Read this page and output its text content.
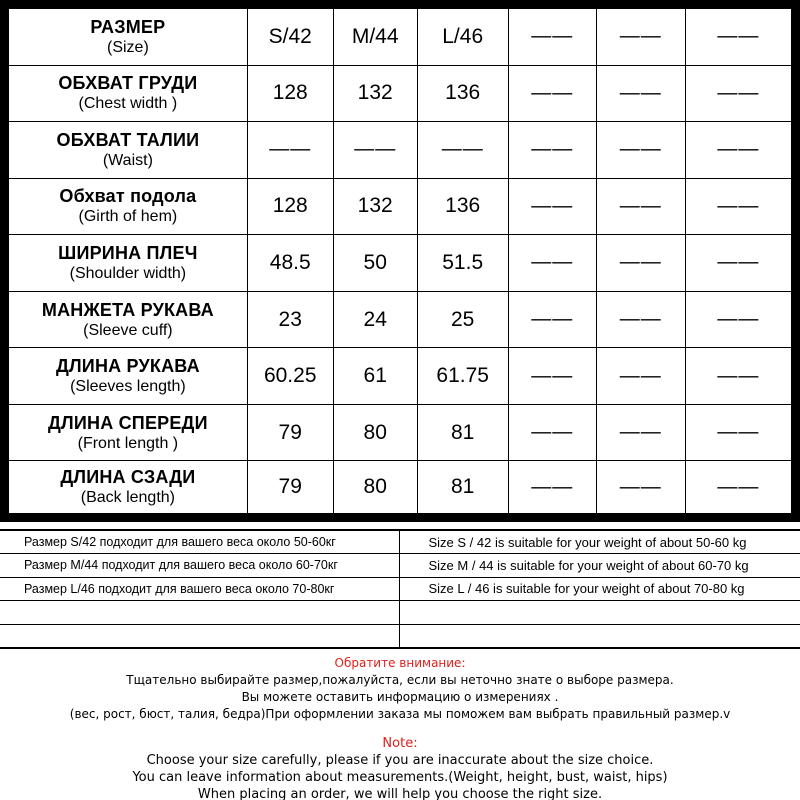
РАЗМЕР
(Size)	S/42	M/44	L/46	——	——	——

ОБХВАТ ГРУДИ
(Chest width )	128	132	136	——	——	——

ОБХВАТ ТАЛИИ
(Waist)	——	——	——	——	——	——

Обхват подола
(Girth of hem)	128	132	136	——	——	——

ШИРИНА ПЛЕЧ
(Shoulder width)	48.5	50	51.5	——	——	——

МАНЖЕТА РУКАВА
(Sleeve cuff)	23	24	25	——	——	——

ДЛИНА РУКАВА
(Sleeves length)	60.25	61	61.75	——	——	——

ДЛИНА СПЕРЕДИ
(Front length )	79	80	81	——	——	——

ДЛИНА СЗАДИ
(Back length)	79	80	81	——	——	——
Размер S/42 подходит для вашего веса около 50-60кг	Size S / 42 is suitable for your weight of about 50-60 kg
Размер M/44 подходит для вашего веса около 60-70кг	Size M / 44 is suitable for your weight of about 60-70 kg
Размер L/46 подходит для вашего веса около 70-80кг	Size L / 46 is suitable for your weight of about 70-80 kg

Обратите внимание:
Тщательно выбирайте размер,пожалуйста, если вы неточно знате о выборе размера.
Вы можете оставить информацию о измерениях .
(вес, рост, бюст, талия, бедра)При оформлении заказа мы поможем вам выбрать правильный размер.v
Note:
Choose your size carefully, please if you are inaccurate about the size choice.
You can leave information about measurements.(Weight, height, bust, waist, hips)
When placing an order, we will help you choose the right size.
